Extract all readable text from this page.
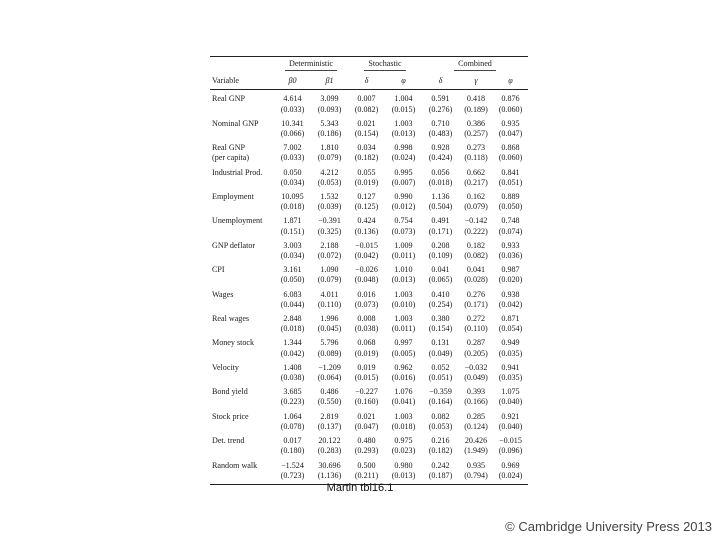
	Deterministic		Stochastic		Combined		
Variable	β0	β1	δ	φ	δ	γ	φ
Real GNP	4.614	3.099	0.007	1.004	0.591	0.418	0.876
	(0.033)	(0.093)	(0.082)	(0.015)	(0.276)	(0.189)	(0.060)
Nominal GNP	10.341	5.343	0.021	1.003	0.710	0.386	0.935
	(0.066)	(0.186)	(0.154)	(0.013)	(0.483)	(0.257)	(0.047)
Real GNP	7.002	1.810	0.034	0.998	0.928	0.273	0.868
(per capita)	(0.033)	(0.079)	(0.182)	(0.024)	(0.424)	(0.118)	(0.060)
Industrial Prod.	0.050	4.212	0.055	0.995	0.056	0.662	0.841
	(0.034)	(0.053)	(0.019)	(0.007)	(0.018)	(0.217)	(0.051)
Employment	10.095	1.532	0.127	0.990	1.136	0.162	0.889
	(0.018)	(0.039)	(0.125)	(0.012)	(0.504)	(0.079)	(0.050)
Unemployment	1.871	−0.391	0.424	0.754	0.491	−0.142	0.748
	(0.151)	(0.325)	(0.136)	(0.073)	(0.171)	(0.222)	(0.074)
GNP deflator	3.003	2.188	−0.015	1.009	0.208	0.182	0.933
	(0.034)	(0.072)	(0.042)	(0.011)	(0.109)	(0.082)	(0.036)
CPI	3.161	1.090	−0.026	1.010	0.041	0.041	0.987
	(0.050)	(0.079)	(0.048)	(0.013)	(0.065)	(0.028)	(0.020)
Wages	6.083	4.011	0.016	1.003	0.410	0.276	0.938
	(0.044)	(0.110)	(0.073)	(0.010)	(0.254)	(0.171)	(0.042)
Real wages	2.848	1.996	0.008	1.003	0.380	0.272	0.871
	(0.018)	(0.045)	(0.038)	(0.011)	(0.154)	(0.110)	(0.054)
Money stock	1.344	5.796	0.068	0.997	0.131	0.287	0.949
	(0.042)	(0.089)	(0.019)	(0.005)	(0.049)	(0.205)	(0.035)
Velocity	1.408	−1.209	0.019	0.962	0.052	−0.032	0.941
	(0.038)	(0.064)	(0.015)	(0.016)	(0.051)	(0.049)	(0.035)
Bond yield	3.685	0.486	−0.227	1.076	−0.359	0.393	1.075
	(0.223)	(0.550)	(0.160)	(0.041)	(0.164)	(0.166)	(0.040)
Stock price	1.064	2.819	0.021	1.003	0.082	0.285	0.921
	(0.078)	(0.137)	(0.047)	(0.018)	(0.053)	(0.124)	(0.040)
Det. trend	0.017	20.122	0.480	0.975	0.216	20.426	−0.015
	(0.180)	(0.283)	(0.293)	(0.023)	(0.182)	(1.949)	(0.096)
Random walk	−1.524	30.696	0.500	0.980	0.242	0.935	0.969
	(0.723)	(1.136)	(0.211)	(0.013)	(0.187)	(0.794)	(0.024)
Martin tbl16.1
© Cambridge University Press 2013
